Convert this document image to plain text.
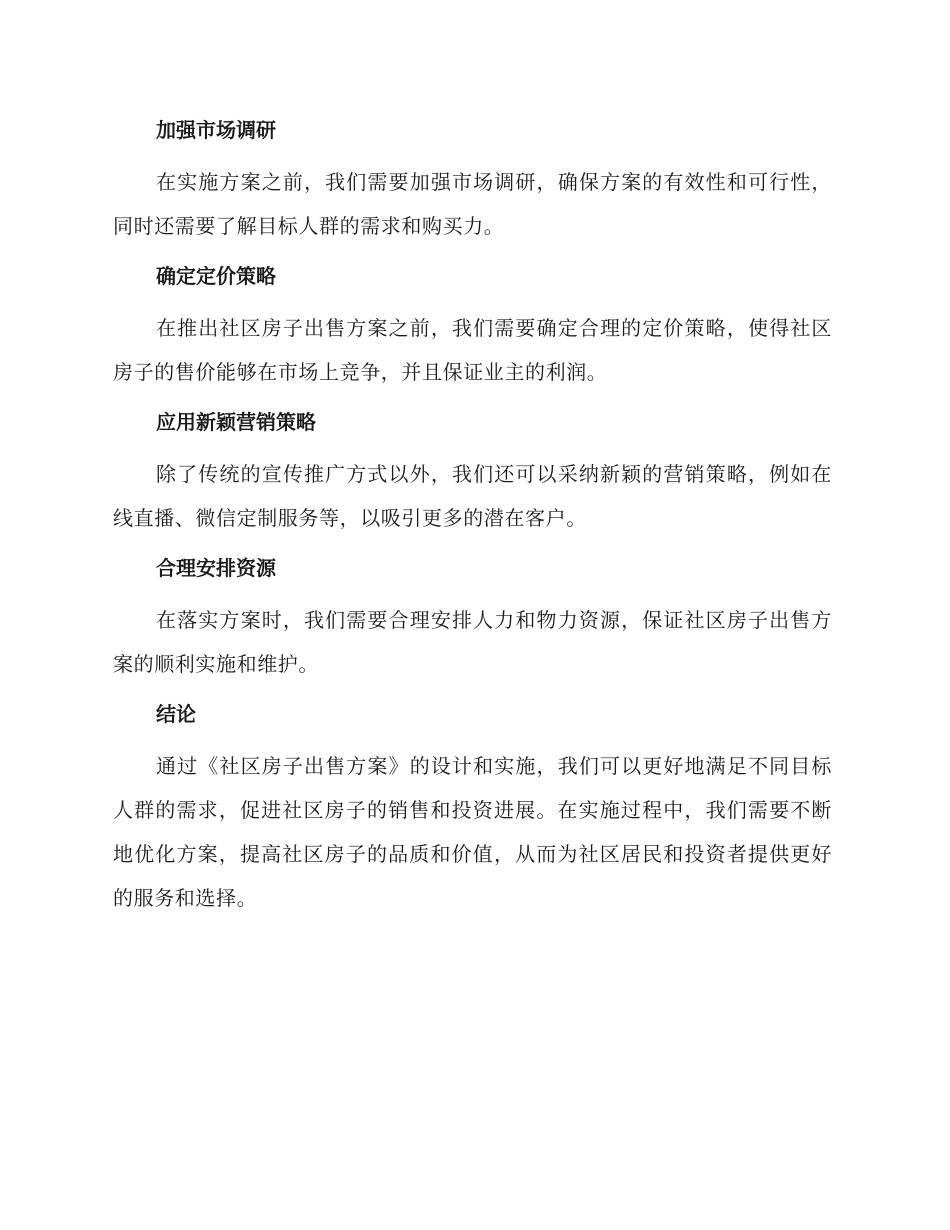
加强市场调研

在实施方案之前，我们需要加强市场调研，确保方案的有效性和可行性，同时还需要了解目标人群的需求和购买力。

确定定价策略

在推出社区房子出售方案之前，我们需要确定合理的定价策略，使得社区房子的售价能够在市场上竞争，并且保证业主的利润。

应用新颖营销策略

除了传统的宣传推广方式以外，我们还可以采纳新颖的营销策略，例如在线直播、微信定制服务等，以吸引更多的潜在客户。

合理安排资源

在落实方案时，我们需要合理安排人力和物力资源，保证社区房子出售方案的顺利实施和维护。

结论

通过《社区房子出售方案》的设计和实施，我们可以更好地满足不同目标人群的需求，促进社区房子的销售和投资进展。在实施过程中，我们需要不断地优化方案，提高社区房子的品质和价值，从而为社区居民和投资者提供更好的服务和选择。
